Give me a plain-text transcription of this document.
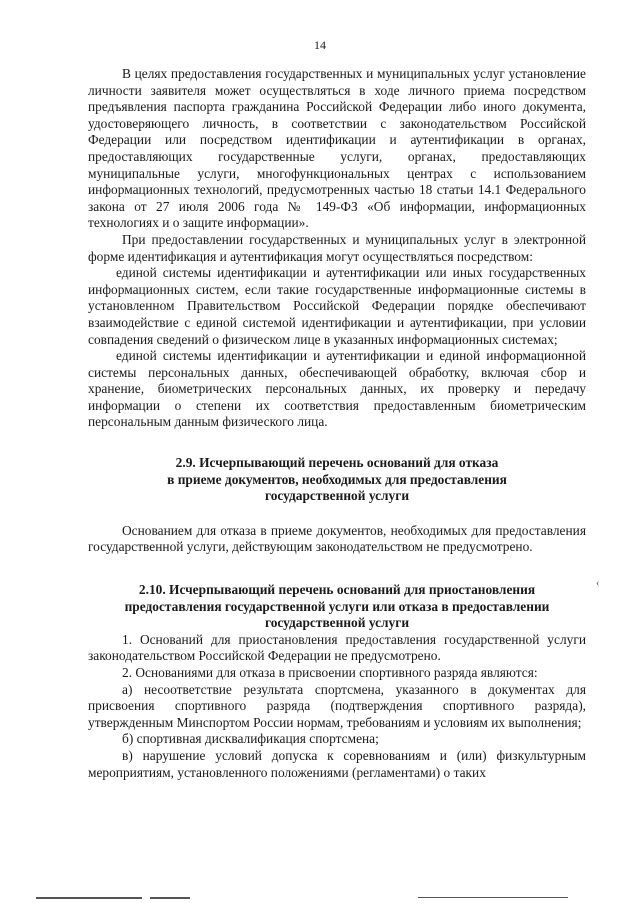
14

В целях предоставления государственных и муниципальных услуг установление личности заявителя может осуществляться в ходе личного приема посредством предъявления паспорта гражданина Российской Федерации либо иного документа, удостоверяющего личность, в соответствии с законодательством Российской Федерации или посредством идентификации и аутентификации в органах, предоставляющих государственные услуги, органах, предоставляющих муниципальные услуги, многофункциональных центрах с использованием информационных технологий, предусмотренных частью 18 статьи 14.1 Федерального закона от 27 июля 2006 года № 149-ФЗ «Об информации, информационных технологиях и о защите информации».

При предоставлении государственных и муниципальных услуг в электронной форме идентификация и аутентификация могут осуществляться посредством:

единой системы идентификации и аутентификации или иных государственных информационных систем, если такие государственные информационные системы в установленном Правительством Российской Федерации порядке обеспечивают взаимодействие с единой системой идентификации и аутентификации, при условии совпадения сведений о физическом лице в указанных информационных системах;

единой системы идентификации и аутентификации и единой информационной системы персональных данных, обеспечивающей обработку, включая сбор и хранение, биометрических персональных данных, их проверку и передачу информации о степени их соответствия предоставленным биометрическим персональным данным физического лица.

2.9. Исчерпывающий перечень оснований для отказа
в приеме документов, необходимых для предоставления
государственной услуги

Основанием для отказа в приеме документов, необходимых для предоставления государственной услуги, действующим законодательством не предусмотрено.

2.10. Исчерпывающий перечень оснований для приостановления
предоставления государственной услуги или отказа в предоставлении
государственной услуги

1. Оснований для приостановления предоставления государственной услуги законодательством Российской Федерации не предусмотрено.

2. Основаниями для отказа в присвоении спортивного разряда являются:

а) несоответствие результата спортсмена, указанного в документах для присвоения спортивного разряда (подтверждения спортивного разряда), утвержденным Минспортом России нормам, требованиям и условиям их выполнения;

б) спортивная дисквалификация спортсмена;

в) нарушение условий допуска к соревнованиям и (или) физкультурным мероприятиям, установленного положениями (регламентами) о таких

‹
